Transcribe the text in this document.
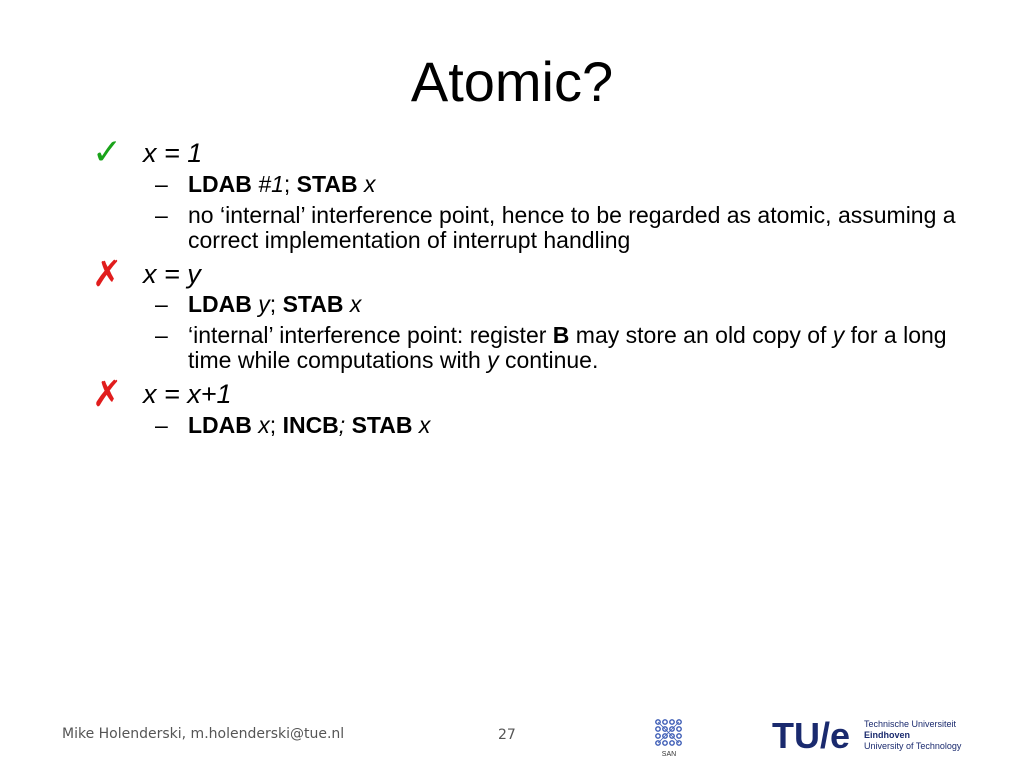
Atomic?
✓ x = 1
– LDAB #1; STAB x
– no ‘internal’ interference point, hence to be regarded as atomic, assuming a correct implementation of interrupt handling
✗ x = y
– LDAB y; STAB x
– ‘internal’ interference point: register B may store an old copy of y for a long time while computations with y continue.
✗ x = x+1
– LDAB x; INCB; STAB x
Mike Holenderski, m.holenderski@tue.nl	27
SAN	TU/e Technische Universiteit
Eindhoven
University of Technology
